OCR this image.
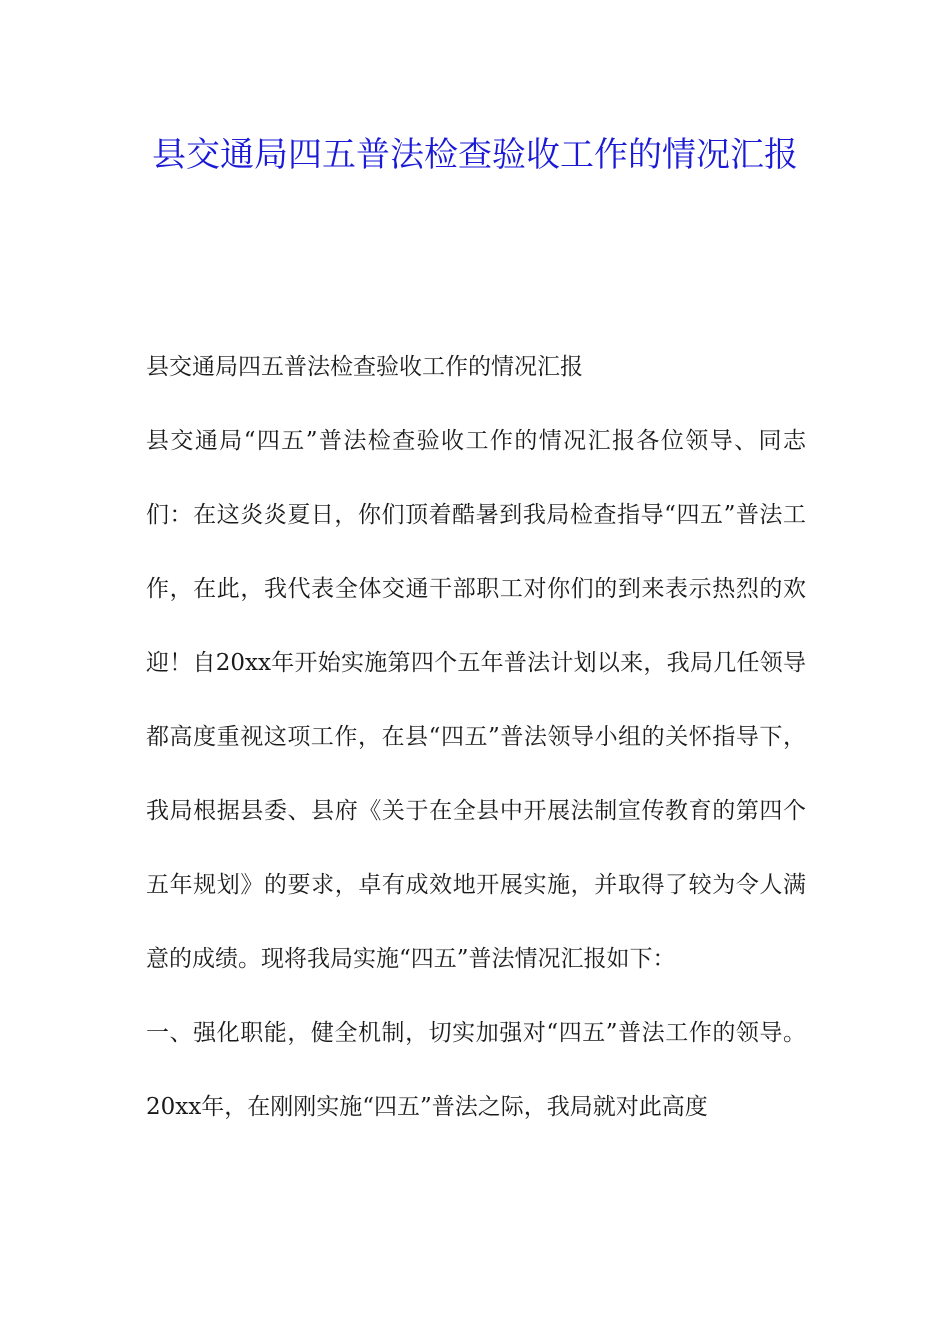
县交通局四五普法检查验收工作的情况汇报

县交通局四五普法检查验收工作的情况汇报

县交通局“四五”普法检查验收工作的情况汇报各位领导、同志们：在这炎炎夏日，你们顶着酷暑到我局检查指导“四五”普法工作，在此，我代表全体交通干部职工对你们的到来表示热烈的欢迎！自20xx年开始实施第四个五年普法计划以来，我局几任领导都高度重视这项工作，在县“四五”普法领导小组的关怀指导下，我局根据县委、县府《关于在全县中开展法制宣传教育的第四个五年规划》的要求，卓有成效地开展实施，并取得了较为令人满意的成绩。现将我局实施“四五”普法情况汇报如下：

一、强化职能，健全机制，切实加强对“四五”普法工作的领导。20xx年，在刚刚实施“四五”普法之际，我局就对此高度
